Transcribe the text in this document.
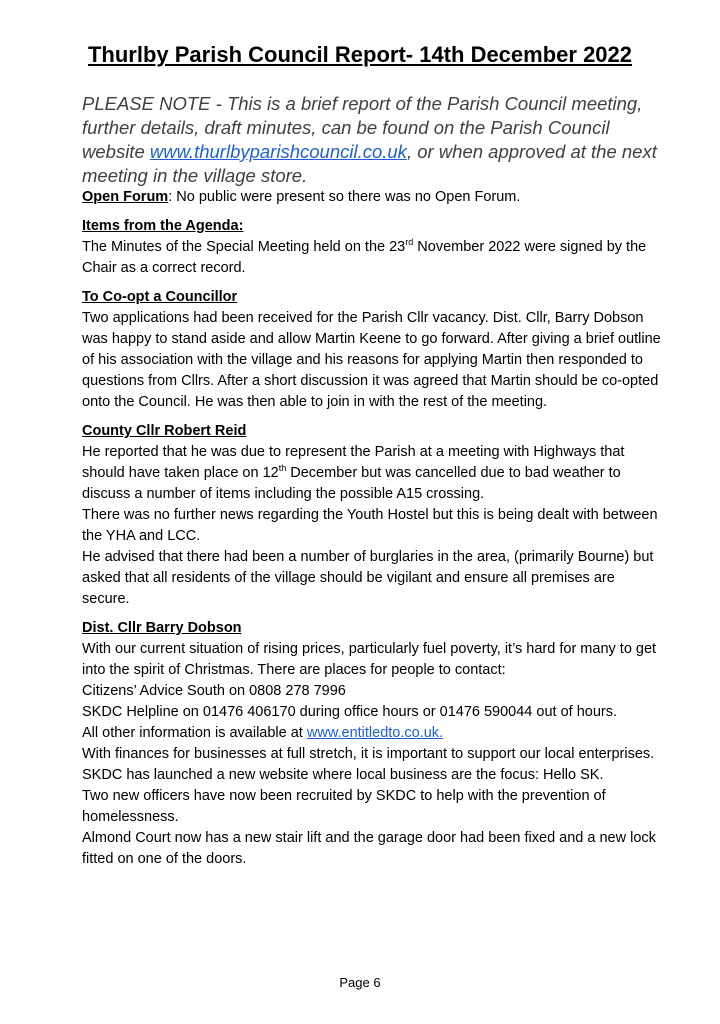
Thurlby Parish Council Report- 14th December 2022
PLEASE NOTE - This is a brief report of the Parish Council meeting, further details, draft minutes, can be found on the Parish Council website www.thurlbyparishcouncil.co.uk, or when approved at the next meeting in the village store.

Open Forum: No public were present so there was no Open Forum.

Items from the Agenda:

The Minutes of the Special Meeting held on the 23rd November 2022 were signed by the Chair as a correct record.

To Co-opt a Councillor

Two applications had been received for the Parish Cllr vacancy. Dist. Cllr, Barry Dobson was happy to stand aside and allow Martin Keene to go forward. After giving a brief outline of his association with the village and his reasons for applying Martin then responded to questions from Cllrs. After a short discussion it was agreed that Martin should be co-opted onto the Council. He was then able to join in with the rest of the meeting.

County Cllr Robert Reid

He reported that he was due to represent the Parish at a meeting with Highways that should have taken place on 12th December but was cancelled due to bad weather to discuss a number of items including the possible A15 crossing.

There was no further news regarding the Youth Hostel but this is being dealt with between the YHA and LCC.

He advised that there had been a number of burglaries in the area, (primarily Bourne) but asked that all residents of the village should be vigilant and ensure all premises are secure.

Dist. Cllr Barry Dobson

With our current situation of rising prices, particularly fuel poverty, it’s hard for many to get into the spirit of Christmas. There are places for people to contact:

Citizens’ Advice South on 0808 278 7996

SKDC Helpline on 01476 406170 during office hours or 01476 590044 out of hours.

All other information is available at www.entitledto.co.uk.

With finances for businesses at full stretch, it is important to support our local enterprises. SKDC has launched a new website where local business are the focus: Hello SK.

Two new officers have now been recruited by SKDC to help with the prevention of homelessness.

Almond Court now has a new stair lift and the garage door had been fixed and a new lock fitted on one of the doors.

Page 6
